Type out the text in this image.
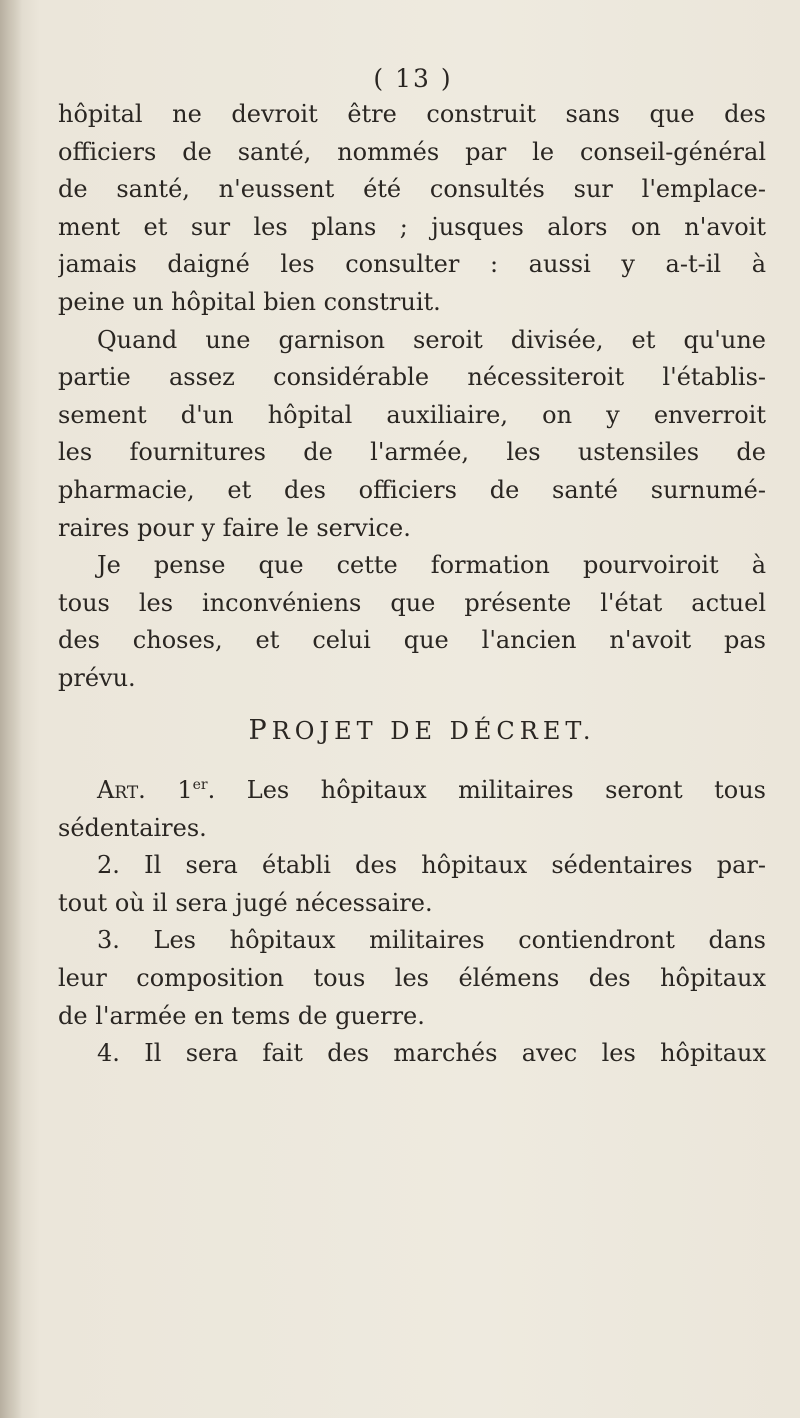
( 13 )
hôpital ne devroit être construit sans que des
officiers de santé, nommés par le conseil-général
de santé, n'eussent été consultés sur l'emplace-
ment et sur les plans ; jusques alors on n'avoit
jamais daigné les consulter : aussi y a-t-il à
peine un hôpital bien construit.
Quand une garnison seroit divisée, et qu'une
partie assez considérable nécessiteroit l'établis-
sement d'un hôpital auxiliaire, on y enverroit
les fournitures de l'armée, les ustensiles de
pharmacie, et des officiers de santé surnumé-
raires pour y faire le service.
Je pense que cette formation pourvoiroit à
tous les inconvéniens que présente l'état actuel
des choses, et celui que l'ancien n'avoit pas
prévu.
PROJET DE DÉCRET.
Art. 1er. Les hôpitaux militaires seront tous
sédentaires.
2. Il sera établi des hôpitaux sédentaires par-
tout où il sera jugé nécessaire.
3. Les hôpitaux militaires contiendront dans
leur composition tous les élémens des hôpitaux
de l'armée en tems de guerre.
4. Il sera fait des marchés avec les hôpitaux
